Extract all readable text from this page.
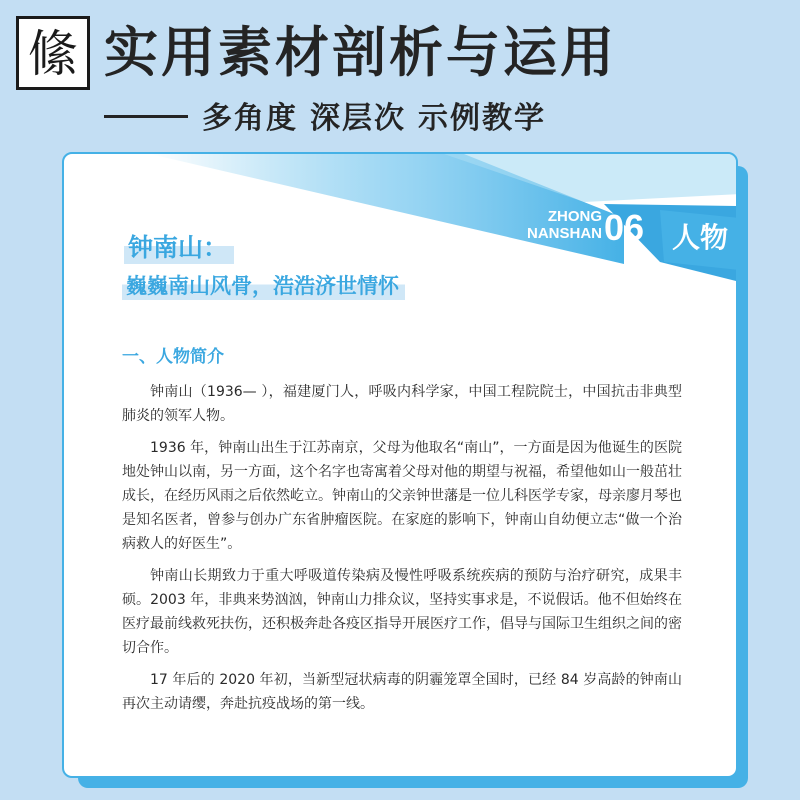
絛 实用素材剖析与运用
多角度 深层次 示例教学
ZHONG
NANSHAN 06 人物
钟南山：
巍巍南山风骨，浩浩济世情怀
一、人物简介

钟南山（1936— ），福建厦门人，呼吸内科学家，中国工程院院士，中国抗击非典型肺炎的领军人物。

1936 年，钟南山出生于江苏南京，父母为他取名“南山”，一方面是因为他诞生的医院地处钟山以南，另一方面，这个名字也寄寓着父母对他的期望与祝福，希望他如山一般茁壮成长，在经历风雨之后依然屹立。钟南山的父亲钟世藩是一位儿科医学专家，母亲廖月琴也是知名医者，曾参与创办广东省肿瘤医院。在家庭的影响下，钟南山自幼便立志“做一个治病救人的好医生”。

钟南山长期致力于重大呼吸道传染病及慢性呼吸系统疾病的预防与治疗研究，成果丰硕。2003 年，非典来势汹汹，钟南山力排众议，坚持实事求是，不说假话。他不但始终在医疗最前线救死扶伤，还积极奔赴各疫区指导开展医疗工作，倡导与国际卫生组织之间的密切合作。

17 年后的 2020 年初，当新型冠状病毒的阴霾笼罩全国时，已经 84 岁高龄的钟南山再次主动请缨，奔赴抗疫战场的第一线。
